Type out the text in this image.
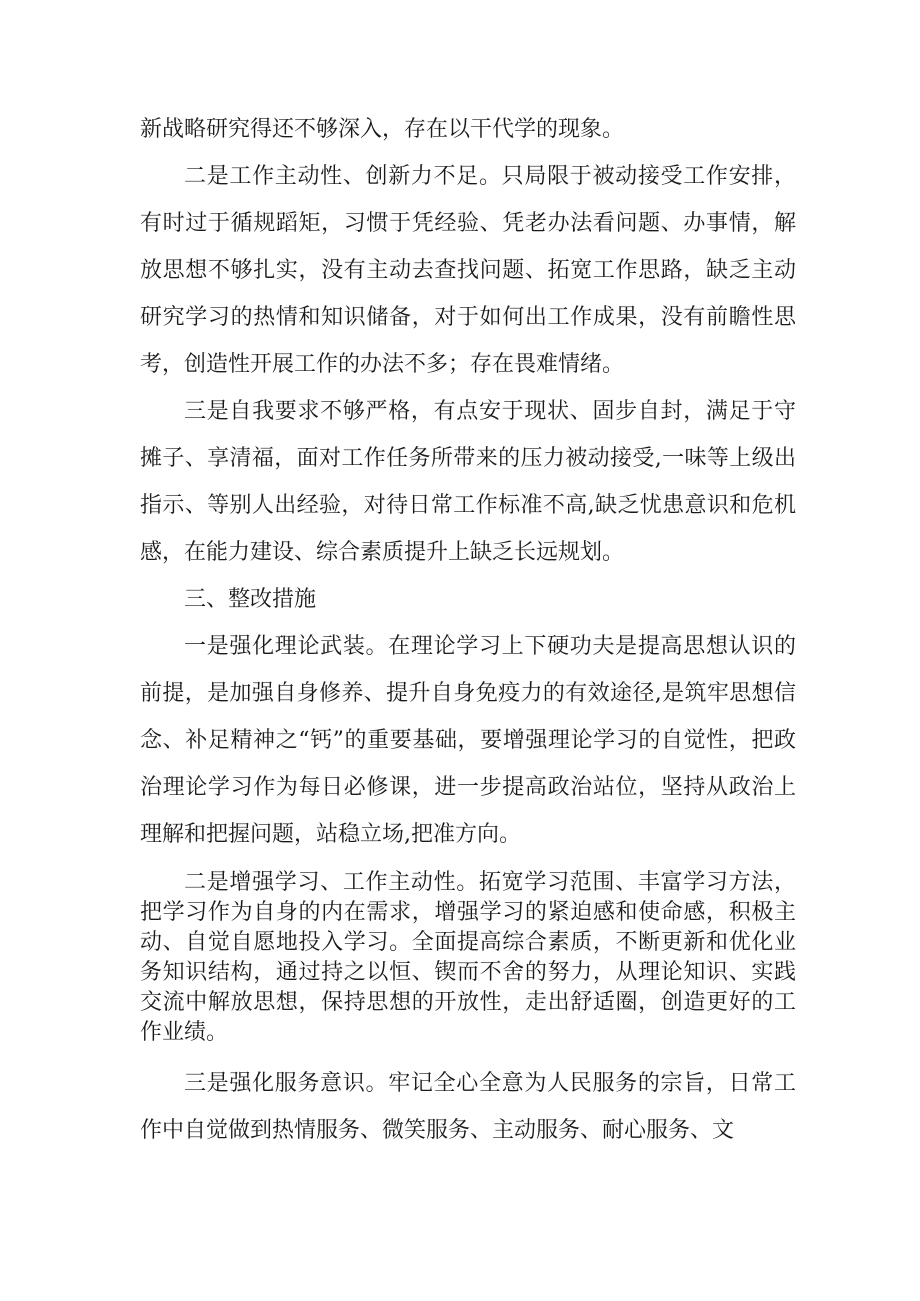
新战略研究得还不够深入，存在以干代学的现象。

二是工作主动性、创新力不足。只局限于被动接受工作安排，有时过于循规蹈矩，习惯于凭经验、凭老办法看问题、办事情，解放思想不够扎实，没有主动去查找问题、拓宽工作思路，缺乏主动研究学习的热情和知识储备，对于如何出工作成果，没有前瞻性思考，创造性开展工作的办法不多；存在畏难情绪。

三是自我要求不够严格，有点安于现状、固步自封，满足于守摊子、享清福，面对工作任务所带来的压力被动接受,一味等上级出指示、等别人出经验，对待日常工作标准不高,缺乏忧患意识和危机感，在能力建设、综合素质提升上缺乏长远规划。

三、整改措施

一是强化理论武装。在理论学习上下硬功夫是提高思想认识的前提，是加强自身修养、提升自身免疫力的有效途径,是筑牢思想信念、补足精神之“钙”的重要基础，要增强理论学习的自觉性，把政治理论学习作为每日必修课，进一步提高政治站位，坚持从政治上理解和把握问题，站稳立场,把准方向。

二是增强学习、工作主动性。拓宽学习范围、丰富学习方法，把学习作为自身的内在需求，增强学习的紧迫感和使命感，积极主动、自觉自愿地投入学习。全面提高综合素质，不断更新和优化业务知识结构，通过持之以恒、锲而不舍的努力，从理论知识、实践交流中解放思想，保持思想的开放性，走出舒适圈，创造更好的工作业绩。

三是强化服务意识。牢记全心全意为人民服务的宗旨，日常工作中自觉做到热情服务、微笑服务、主动服务、耐心服务、文
